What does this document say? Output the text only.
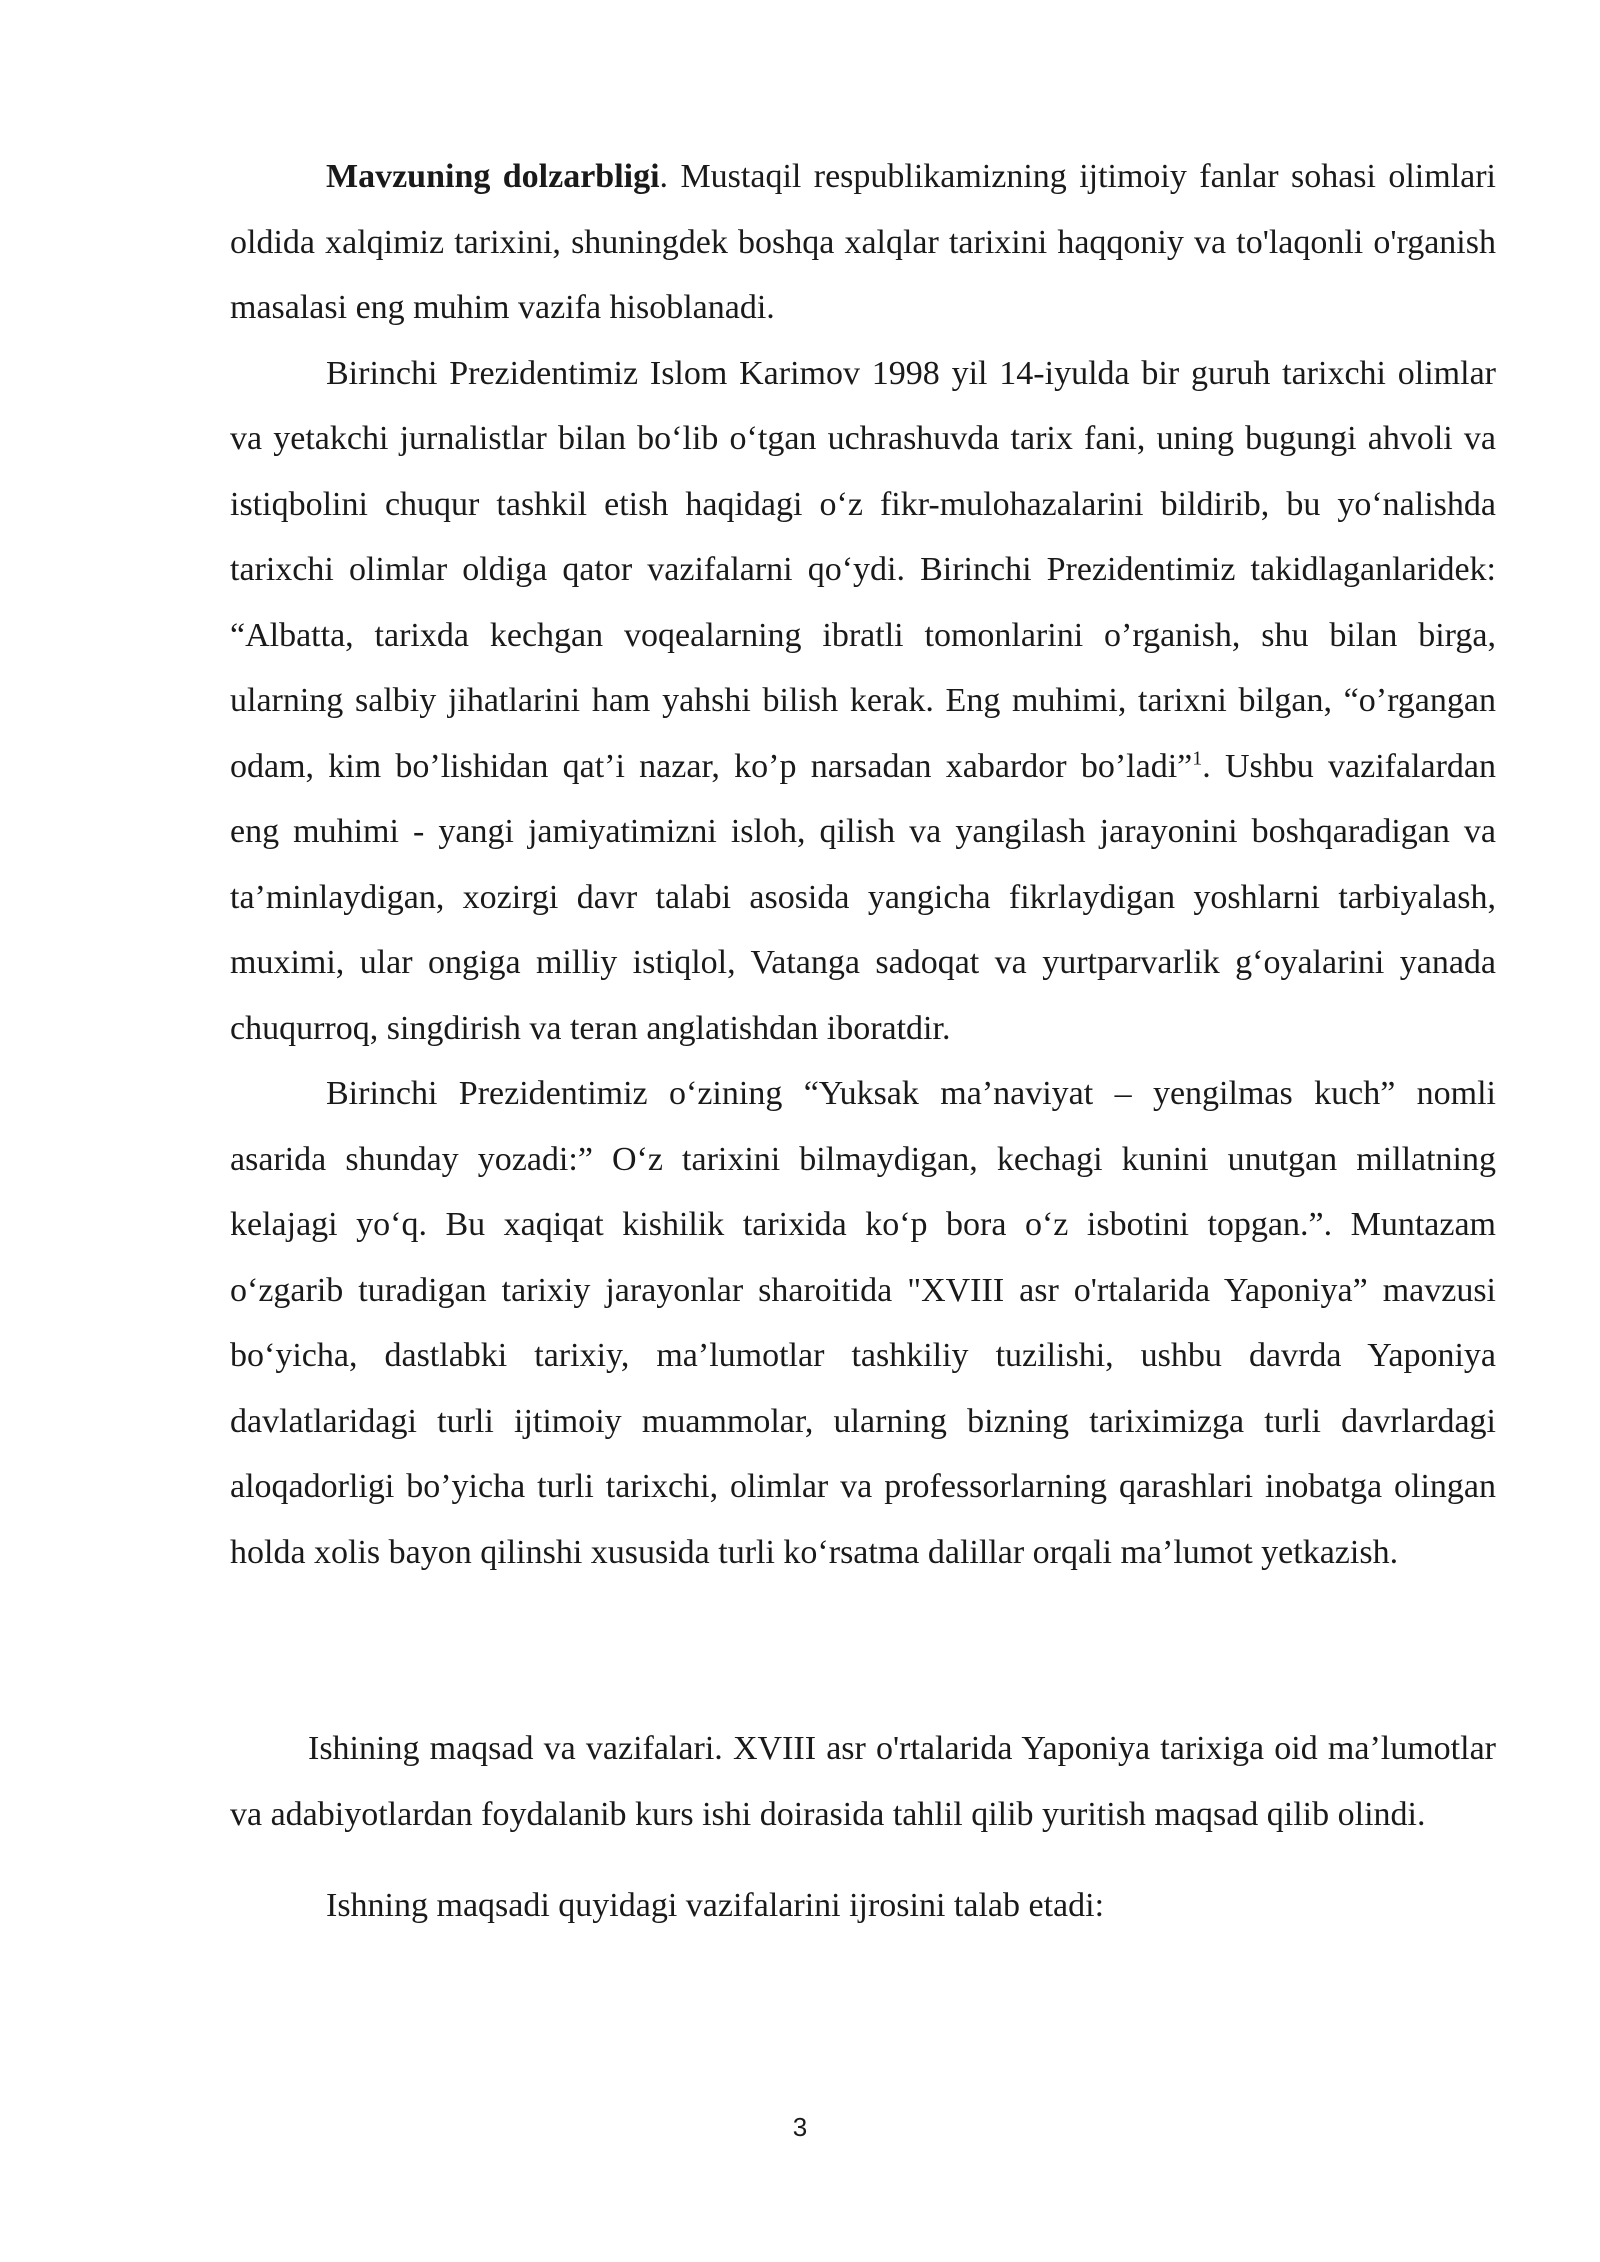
Mavzuning dolzarbligi. Mustaqil respublikamizning ijtimoiy fanlar sohasi olimlari oldida xalqimiz tarixini, shuningdek boshqa xalqlar tarixini haqqoniy va to'laqonli o'rganish masalasi eng muhim vazifa hisoblanadi.

Birinchi Prezidentimiz Islom Karimov 1998 yil 14-iyulda bir guruh tarixchi olimlar va yetakchi jurnalistlar bilan bo‘lib o‘tgan uchrashuvda tarix fani, uning bugungi ahvoli va istiqbolini chuqur tashkil etish haqidagi o‘z fikr-mulohazalarini bildirib, bu yo‘nalishda tarixchi olimlar oldiga qator vazifalarni qo‘ydi. Birinchi Prezidentimiz takidlaganlaridek: “Albatta, tarixda kechgan voqealarning ibratli tomonlarini o’rganish, shu bilan birga, ularning salbiy jihatlarini ham yahshi bilish kerak. Eng muhimi, tarixni bilgan, “o’rgangan odam, kim bo’lishidan qat’i nazar, ko’p narsadan xabardor bo’ladi”$^1$. Ushbu vazifalardan eng muhimi - yangi jamiyatimizni isloh, qilish va yangilash jarayonini boshqaradigan va ta’minlaydigan, xozirgi davr talabi asosida yangicha fikrlaydigan yoshlarni tarbiyalash, muximi, ular ongiga milliy istiqlol, Vatanga sadoqat va yurtparvarlik g‘oyalarini yanada chuqurroq, singdirish va teran anglatishdan iboratdir.

Birinchi Prezidentimiz o‘zining “Yuksak ma’naviyat – yengilmas kuch” nomli asarida shunday yozadi:” O‘z tarixini bilmaydigan, kechagi kunini unutgan millatning kelajagi yo‘q. Bu xaqiqat kishilik tarixida ko‘p bora o‘z isbotini topgan.”. Muntazam o‘zgarib turadigan tarixiy jarayonlar sharoitida "XVIII asr o'rtalarida Yaponiya” mavzusi bo‘yicha, dastlabki tarixiy, ma’lumotlar tashkiliy tuzilishi, ushbu davrda Yaponiya davlatlaridagi turli ijtimoiy muammolar, ularning bizning tariximizga turli davrlardagi aloqadorligi bo’yicha turli tarixchi, olimlar va professorlarning qarashlari inobatga olingan holda xolis bayon qilinshi xususida turli ko‘rsatma dalillar orqali ma’lumot yetkazish.

Ishining maqsad va vazifalari. XVIII asr o'rtalarida Yaponiya tarixiga oid ma’lumotlar va adabiyotlardan foydalanib kurs ishi doirasida tahlil qilib yuritish maqsad qilib olindi.

Ishning maqsadi quyidagi vazifalarini ijrosini talab etadi:

3
